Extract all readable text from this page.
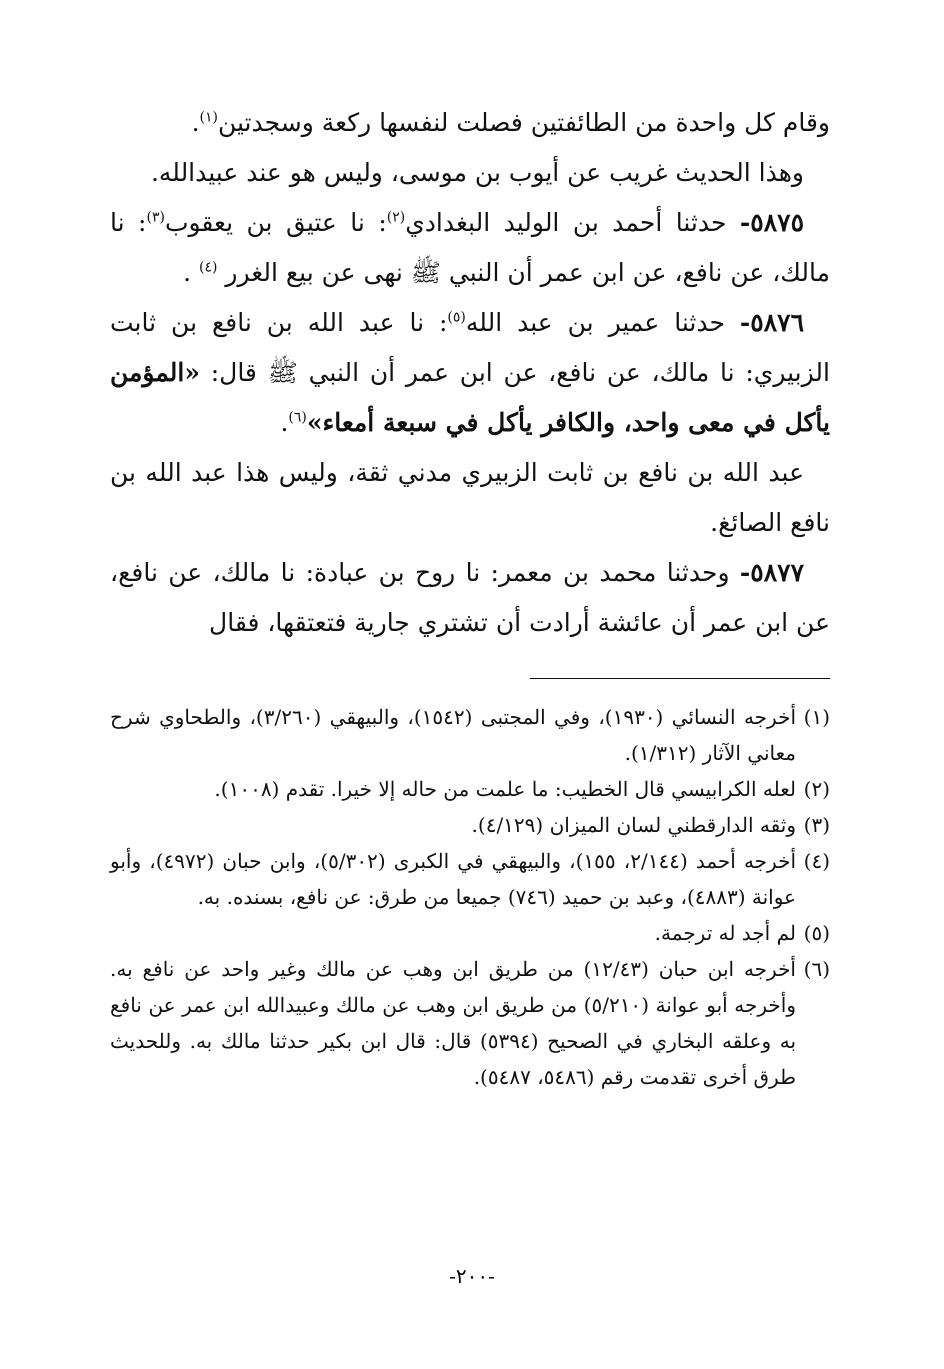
وقام كل واحدة من الطائفتين فصلت لنفسها ركعة وسجدتين$^{(١)}$.

وهذا الحديث غريب عن أيوب بن موسى، وليس هو عند عبيدالله.

٥٨٧٥- حدثنا أحمد بن الوليد البغدادي$^{(٢)}$: نا عتيق بن يعقوب$^{(٣)}$: نا مالك، عن نافع، عن ابن عمر أن النبي ﷺ نهى عن بيع الغرر $^{(٤)}$ .

٥٨٧٦- حدثنا عمير بن عبد الله$^{(٥)}$: نا عبد الله بن نافع بن ثابت الزبيري: نا مالك، عن نافع، عن ابن عمر أن النبي ﷺ قال: «المؤمن يأكل في معى واحد، والكافر يأكل في سبعة أمعاء»$^{(٦)}$.

عبد الله بن نافع بن ثابت الزبيري مدني ثقة، وليس هذا عبد الله بن نافع الصائغ.

٥٨٧٧- وحدثنا محمد بن معمر: نا روح بن عبادة: نا مالك، عن نافع، عن ابن عمر أن عائشة أرادت أن تشتري جارية فتعتقها، فقال

(١)
أخرجه النسائي (١٩٣٠)، وفي المجتبى (١٥٤٢)، والبيهقي (٣/٢٦٠)، والطحاوي شرح معاني الآثار (١/٣١٢).
(٢)
لعله الكرابيسي قال الخطيب: ما علمت من حاله إلا خيرا. تقدم (١٠٠٨).
(٣)
وثقه الدارقطني لسان الميزان (٤/١٢٩).
(٤)
أخرجه أحمد (٢/١٤٤، ١٥٥)، والبيهقي في الكبرى (٥/٣٠٢)، وابن حبان (٤٩٧٢)، وأبو عوانة (٤٨٨٣)، وعبد بن حميد (٧٤٦) جميعا من طرق: عن نافع، بسنده. به.
(٥)
لم أجد له ترجمة.
(٦)
أخرجه ابن حبان (١٢/٤٣) من طريق ابن وهب عن مالك وغير واحد عن نافع به. وأخرجه أبو عوانة (٥/٢١٠) من طريق ابن وهب عن مالك وعبيدالله ابن عمر عن نافع به وعلقه البخاري في الصحيح (٥٣٩٤) قال: قال ابن بكير حدثنا مالك به. وللحديث طرق أخرى تقدمت رقم (٥٤٨٦، ٥٤٨٧).
-٢٠٠-
